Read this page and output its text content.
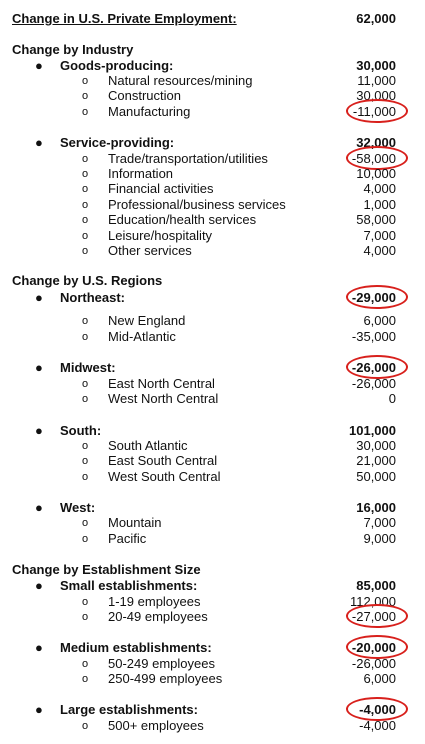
Change in U.S. Private Employment:	62,000
Change by Industry
● Goods-producing:	30,000
o Natural resources/mining	11,000
o Construction	30,000
o Manufacturing	-11,000
● Service-providing:	32,000
o Trade/transportation/utilities	-58,000
o Information	10,000
o Financial activities	4,000
o Professional/business services	1,000
o Education/health services	58,000
o Leisure/hospitality	7,000
o Other services	4,000
Change by U.S. Regions
● Northeast:	-29,000
o New England	6,000
o Mid-Atlantic	-35,000
● Midwest:	-26,000
o East North Central	-26,000
o West North Central	0
● South:	101,000
o South Atlantic	30,000
o East South Central	21,000
o West South Central	50,000
● West:	16,000
o Mountain	7,000
o Pacific	9,000
Change by Establishment Size
● Small establishments:	85,000
o 1-19 employees	112,000
o 20-49 employees	-27,000
● Medium establishments:	-20,000
o 50-249 employees	-26,000
o 250-499 employees	6,000
● Large establishments:	-4,000
o 500+ employees	-4,000
